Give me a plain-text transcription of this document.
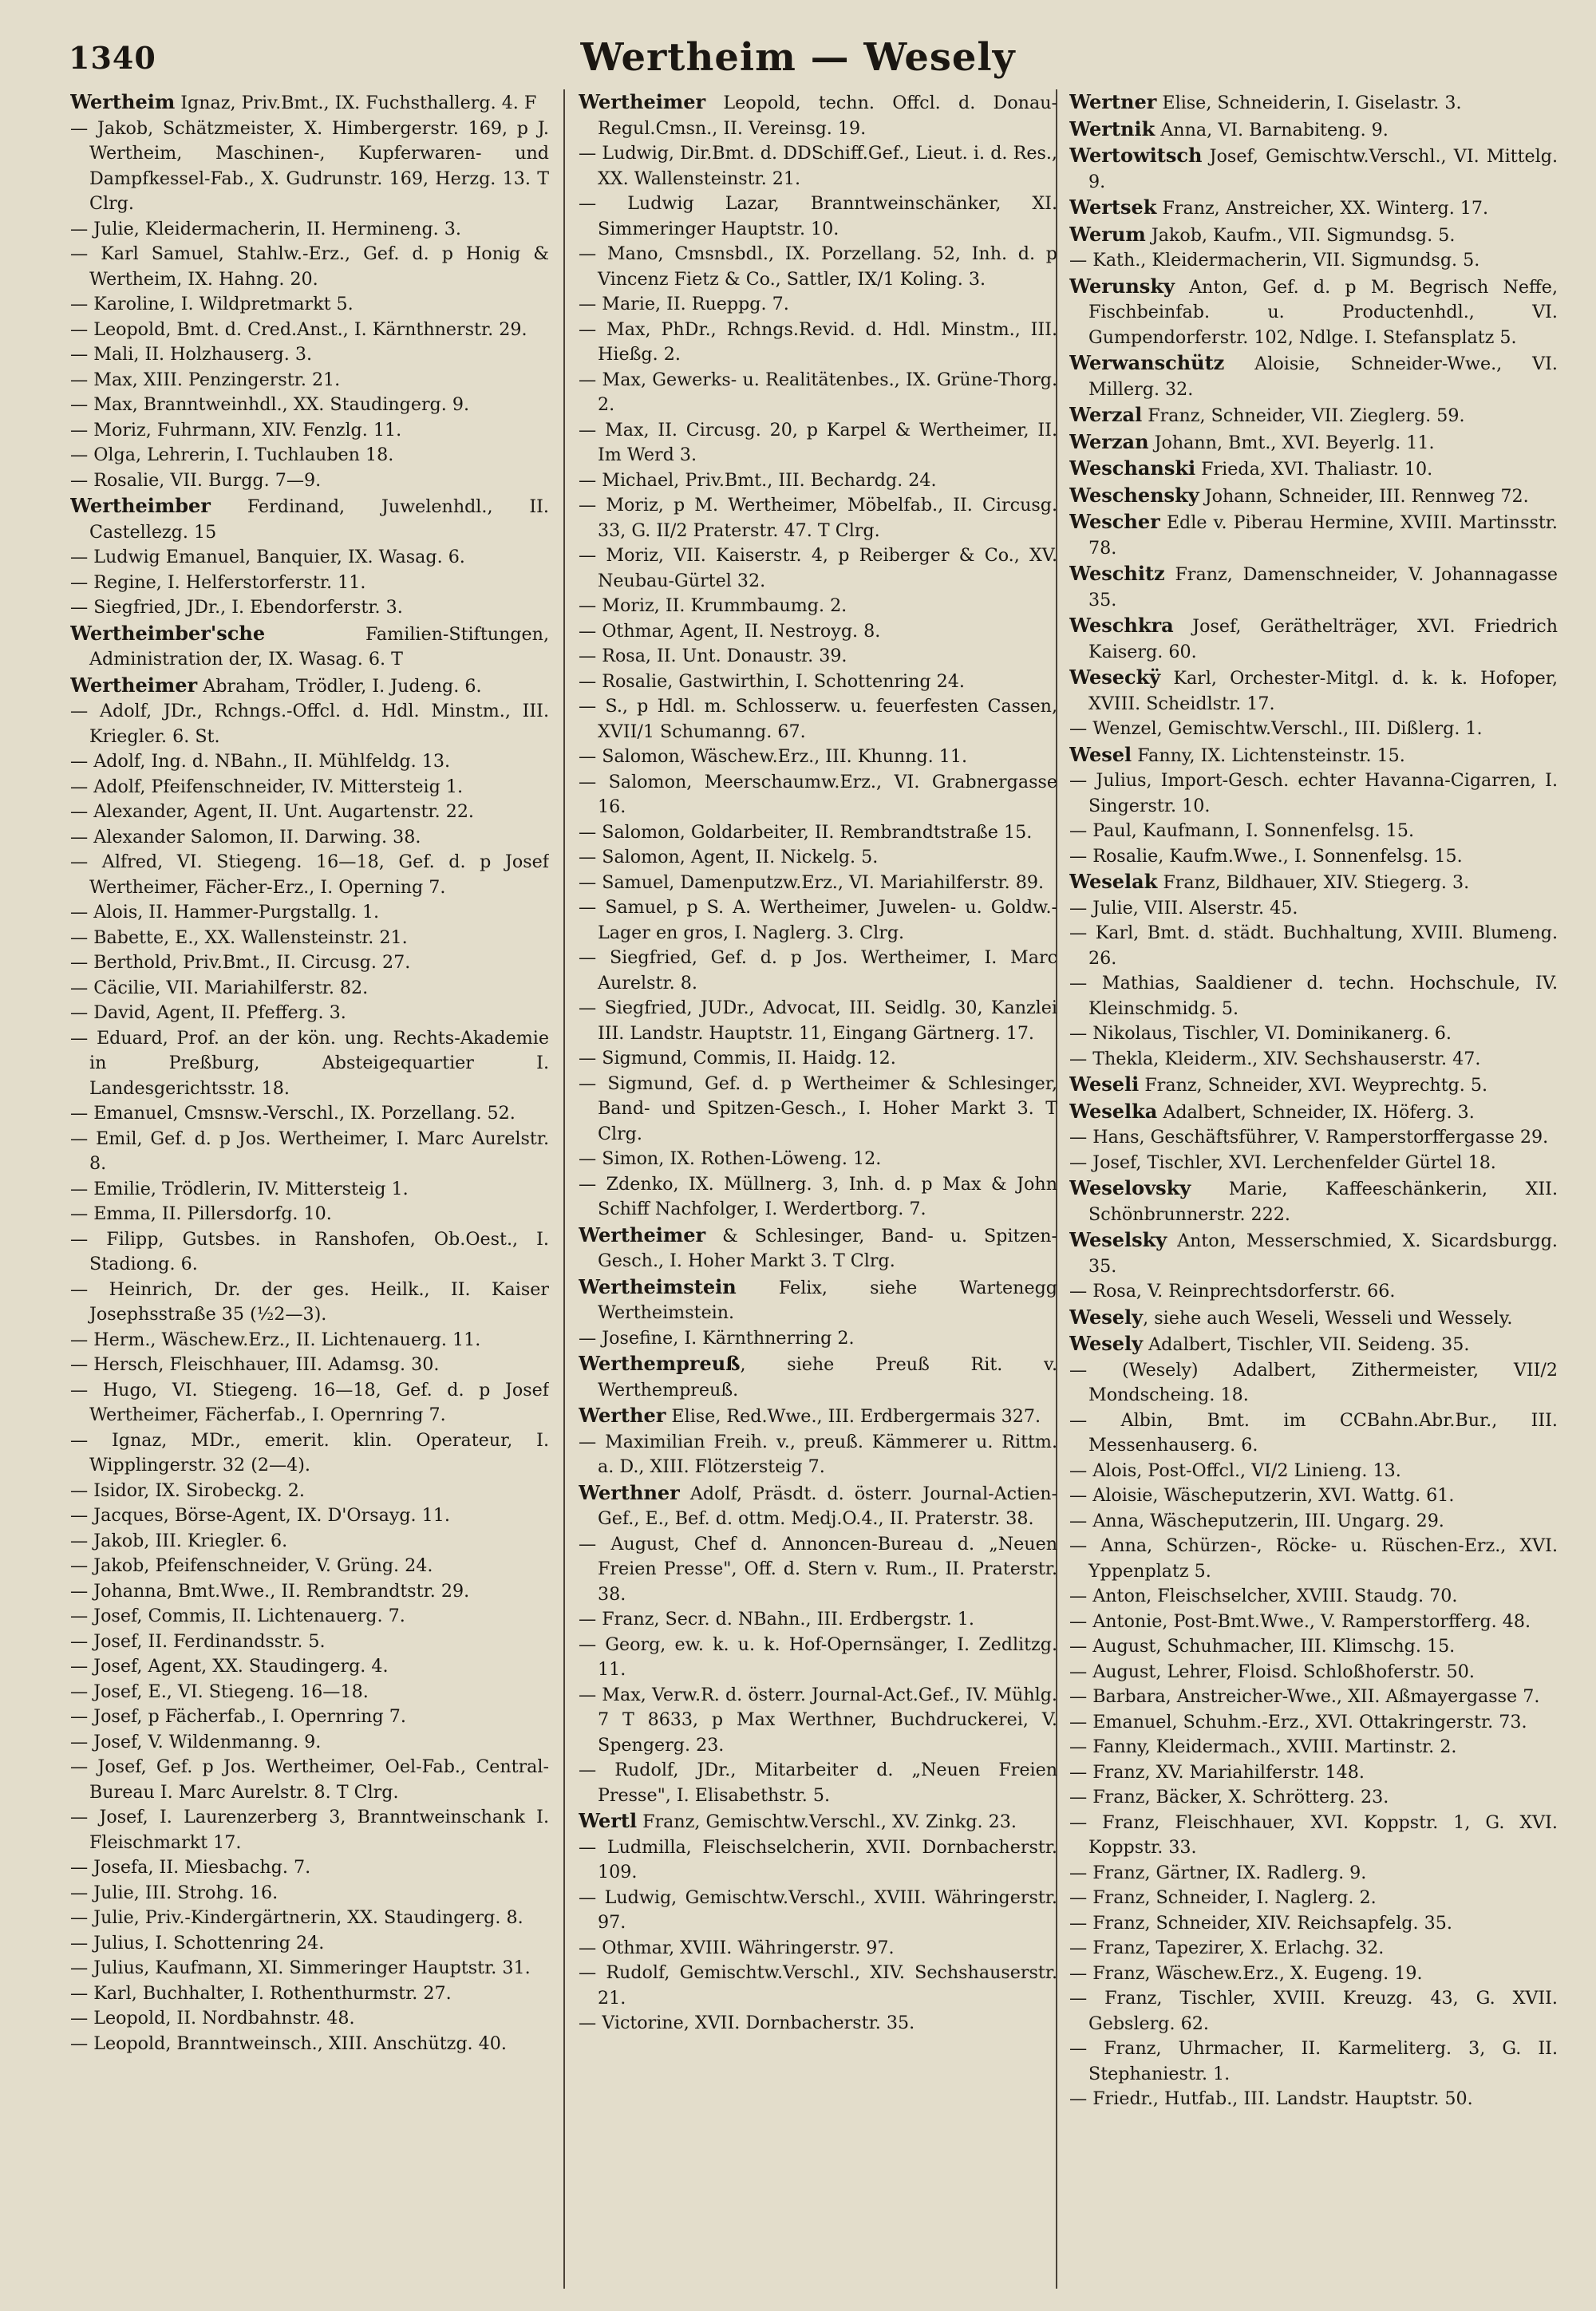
1340	Wertheim — Wesely
Wertheim Ignaz, Priv.Bmt., IX. Fuchsthallerg. 4. F
— Jakob, Schätzmeister, X. Himbergerstr. 169, p J. Wertheim, Maschinen-, Kupferwaren- und Dampfkessel-Fab., X. Gudrunstr. 169, Herzg. 13. T Clrg.
— Julie, Kleidermacherin, II. Hermineng. 3.
— Karl Samuel, Stahlw.-Erz., Gef. d. p Honig & Wertheim, IX. Hahng. 20.
— Karoline, I. Wildpretmarkt 5.
— Leopold, Bmt. d. Cred.Anst., I. Kärnthnerstr. 29.
— Mali, II. Holzhauserg. 3.
— Max, XIII. Penzingerstr. 21.
— Max, Branntweinhdl., XX. Staudingerg. 9.
— Moriz, Fuhrmann, XIV. Fenzlg. 11.
— Olga, Lehrerin, I. Tuchlauben 18.
— Rosalie, VII. Burgg. 7—9.
Wertheimber Ferdinand, Juwelenhdl., II. Castellezg. 15
— Ludwig Emanuel, Banquier, IX. Wasag. 6.
— Regine, I. Helferstorferstr. 11.
— Siegfried, JDr., I. Ebendorferstr. 3.
Wertheimber'sche Familien-Stiftungen, Administration der, IX. Wasag. 6. T
Wertheimer Abraham, Trödler, I. Judeng. 6.
— Adolf, JDr., Rchngs.-Offcl. d. Hdl. Minstm., III. Kriegler. 6. St.
— Adolf, Ing. d. NBahn., II. Mühlfeldg. 13.
— Adolf, Pfeifenschneider, IV. Mittersteig 1.
— Alexander, Agent, II. Unt. Augartenstr. 22.
— Alexander Salomon, II. Darwing. 38.
— Alfred, VI. Stiegeng. 16—18, Gef. d. p Josef Wertheimer, Fächer-Erz., I. Operning 7.
— Alois, II. Hammer-Purgstallg. 1.
— Babette, E., XX. Wallensteinstr. 21.
— Berthold, Priv.Bmt., II. Circusg. 27.
— Cäcilie, VII. Mariahilferstr. 82.
— David, Agent, II. Pfefferg. 3.
— Eduard, Prof. an der kön. ung. Rechts-Akademie in Preßburg, Absteigequartier I. Landesgerichtsstr. 18.
— Emanuel, Cmsnsw.-Verschl., IX. Porzellang. 52.
— Emil, Gef. d. p Jos. Wertheimer, I. Marc Aurelstr. 8.
— Emilie, Trödlerin, IV. Mittersteig 1.
— Emma, II. Pillersdorfg. 10.
— Filipp, Gutsbes. in Ranshofen, Ob.Oest., I. Stadiong. 6.
— Heinrich, Dr. der ges. Heilk., II. Kaiser Josephsstraße 35 (½2—3).
— Herm., Wäschew.Erz., II. Lichtenauerg. 11.
— Hersch, Fleischhauer, III. Adamsg. 30.
— Hugo, VI. Stiegeng. 16—18, Gef. d. p Josef Wertheimer, Fächerfab., I. Opernring 7.
— Ignaz, MDr., emerit. klin. Operateur, I. Wipplingerstr. 32 (2—4).
— Isidor, IX. Sirobeckg. 2.
— Jacques, Börse-Agent, IX. D'Orsayg. 11.
— Jakob, III. Kriegler. 6.
— Jakob, Pfeifenschneider, V. Grüng. 24.
— Johanna, Bmt.Wwe., II. Rembrandtstr. 29.
— Josef, Commis, II. Lichtenauerg. 7.
— Josef, II. Ferdinandsstr. 5.
— Josef, Agent, XX. Staudingerg. 4.
— Josef, E., VI. Stiegeng. 16—18.
— Josef, p Fächerfab., I. Opernring 7.
— Josef, V. Wildenmanng. 9.
— Josef, Gef. p Jos. Wertheimer, Oel-Fab., Central-Bureau I. Marc Aurelstr. 8. T Clrg.
— Josef, I. Laurenzerberg 3, Branntweinschank I. Fleischmarkt 17.
— Josefa, II. Miesbachg. 7.
— Julie, III. Strohg. 16.
— Julie, Priv.-Kindergärtnerin, XX. Staudingerg. 8.
— Julius, I. Schottenring 24.
— Julius, Kaufmann, XI. Simmeringer Hauptstr. 31.
— Karl, Buchhalter, I. Rothenthurmstr. 27.
— Leopold, II. Nordbahnstr. 48.
— Leopold, Branntweinsch., XIII. Anschützg. 40.
Wertheimer Leopold, techn. Offcl. d. Donau-Regul.Cmsn., II. Vereinsg. 19.
— Ludwig, Dir.Bmt. d. DDSchiff.Gef., Lieut. i. d. Res., XX. Wallensteinstr. 21.
— Ludwig Lazar, Branntweinschänker, XI. Simmeringer Hauptstr. 10.
— Mano, Cmsnsbdl., IX. Porzellang. 52, Inh. d. p Vincenz Fietz & Co., Sattler, IX/1 Koling. 3.
— Marie, II. Rueppg. 7.
— Max, PhDr., Rchngs.Revid. d. Hdl. Minstm., III. Hießg. 2.
— Max, Gewerks- u. Realitätenbes., IX. Grüne-Thorg. 2.
— Max, II. Circusg. 20, p Karpel & Wertheimer, II. Im Werd 3.
— Michael, Priv.Bmt., III. Bechardg. 24.
— Moriz, p M. Wertheimer, Möbelfab., II. Circusg. 33, G. II/2 Praterstr. 47. T Clrg.
— Moriz, VII. Kaiserstr. 4, p Reiberger & Co., XV. Neubau-Gürtel 32.
— Moriz, II. Krummbaumg. 2.
— Othmar, Agent, II. Nestroyg. 8.
— Rosa, II. Unt. Donaustr. 39.
— Rosalie, Gastwirthin, I. Schottenring 24.
— S., p Hdl. m. Schlosserw. u. feuerfesten Cassen, XVII/1 Schumanng. 67.
— Salomon, Wäschew.Erz., III. Khunng. 11.
— Salomon, Meerschaumw.Erz., VI. Grabnergasse 16.
— Salomon, Goldarbeiter, II. Rembrandtstraße 15.
— Salomon, Agent, II. Nickelg. 5.
— Samuel, Damenputzw.Erz., VI. Mariahilferstr. 89.
— Samuel, p S. A. Wertheimer, Juwelen- u. Goldw.-Lager en gros, I. Naglerg. 3. Clrg.
— Siegfried, Gef. d. p Jos. Wertheimer, I. Marc Aurelstr. 8.
— Siegfried, JUDr., Advocat, III. Seidlg. 30, Kanzlei III. Landstr. Hauptstr. 11, Eingang Gärtnerg. 17.
— Sigmund, Commis, II. Haidg. 12.
— Sigmund, Gef. d. p Wertheimer & Schlesinger, Band- und Spitzen-Gesch., I. Hoher Markt 3. T Clrg.
— Simon, IX. Rothen-Löweng. 12.
— Zdenko, IX. Müllnerg. 3, Inh. d. p Max & John Schiff Nachfolger, I. Werdertborg. 7.
Wertheimer & Schlesinger, Band- u. Spitzen-Gesch., I. Hoher Markt 3. T Clrg.
Wertheimstein Felix, siehe Wartenegg Wertheimstein.
— Josefine, I. Kärnthnerring 2.
Werthempreuß, siehe Preuß Rit. v. Werthempreuß.
Werther Elise, Red.Wwe., III. Erdbergermais 327.
— Maximilian Freih. v., preuß. Kämmerer u. Rittm. a. D., XIII. Flötzersteig 7.
Werthner Adolf, Präsdt. d. österr. Journal-Actien-Gef., E., Bef. d. ottm. Medj.O.4., II. Praterstr. 38.
— August, Chef d. Annoncen-Bureau d. „Neuen Freien Presse", Off. d. Stern v. Rum., II. Praterstr. 38.
— Franz, Secr. d. NBahn., III. Erdbergstr. 1.
— Georg, ew. k. u. k. Hof-Opernsänger, I. Zedlitzg. 11.
— Max, Verw.R. d. österr. Journal-Act.Gef., IV. Mühlg. 7 T 8633, p Max Werthner, Buchdruckerei, V. Spengerg. 23.
— Rudolf, JDr., Mitarbeiter d. „Neuen Freien Presse", I. Elisabethstr. 5.
Wertl Franz, Gemischtw.Verschl., XV. Zinkg. 23.
— Ludmilla, Fleischselcherin, XVII. Dornbacherstr. 109.
— Ludwig, Gemischtw.Verschl., XVIII. Währingerstr. 97.
— Othmar, XVIII. Währingerstr. 97.
— Rudolf, Gemischtw.Verschl., XIV. Sechshauserstr. 21.
— Victorine, XVII. Dornbacherstr. 35.
Wertner Elise, Schneiderin, I. Giselastr. 3.
Wertnik Anna, VI. Barnabiteng. 9.
Wertowitsch Josef, Gemischtw.Verschl., VI. Mittelg. 9.
Wertsek Franz, Anstreicher, XX. Winterg. 17.
Werum Jakob, Kaufm., VII. Sigmundsg. 5.
— Kath., Kleidermacherin, VII. Sigmundsg. 5.
Werunsky Anton, Gef. d. p M. Begrisch Neffe, Fischbeinfab. u. Productenhdl., VI. Gumpendorferstr. 102, Ndlge. I. Stefansplatz 5.
Werwanschütz Aloisie, Schneider-Wwe., VI. Millerg. 32.
Werzal Franz, Schneider, VII. Zieglerg. 59.
Werzan Johann, Bmt., XVI. Beyerlg. 11.
Weschanski Frieda, XVI. Thaliastr. 10.
Weschensky Johann, Schneider, III. Rennweg 72.
Wescher Edle v. Piberau Hermine, XVIII. Martinsstr. 78.
Weschitz Franz, Damenschneider, V. Johannagasse 35.
Weschkra Josef, Geräthelträger, XVI. Friedrich Kaiserg. 60.
Weseckÿ Karl, Orchester-Mitgl. d. k. k. Hofoper, XVIII. Scheidlstr. 17.
— Wenzel, Gemischtw.Verschl., III. Dißlerg. 1.
Wesel Fanny, IX. Lichtensteinstr. 15.
— Julius, Import-Gesch. echter Havanna-Cigarren, I. Singerstr. 10.
— Paul, Kaufmann, I. Sonnenfelsg. 15.
— Rosalie, Kaufm.Wwe., I. Sonnenfelsg. 15.
Weselak Franz, Bildhauer, XIV. Stiegerg. 3.
— Julie, VIII. Alserstr. 45.
— Karl, Bmt. d. städt. Buchhaltung, XVIII. Blumeng. 26.
— Mathias, Saaldiener d. techn. Hochschule, IV. Kleinschmidg. 5.
— Nikolaus, Tischler, VI. Dominikanerg. 6.
— Thekla, Kleiderm., XIV. Sechshauserstr. 47.
Weseli Franz, Schneider, XVI. Weyprechtg. 5.
Weselka Adalbert, Schneider, IX. Höferg. 3.
— Hans, Geschäftsführer, V. Ramperstorffergasse 29.
— Josef, Tischler, XVI. Lerchenfelder Gürtel 18.
Weselovsky Marie, Kaffeeschänkerin, XII. Schönbrunnerstr. 222.
Weselsky Anton, Messerschmied, X. Sicardsburgg. 35.
— Rosa, V. Reinprechtsdorferstr. 66.
Wesely, siehe auch Weseli, Wesseli und Wessely.
Wesely Adalbert, Tischler, VII. Seideng. 35.
— (Wesely) Adalbert, Zithermeister, VII/2 Mondscheing. 18.
— Albin, Bmt. im CCBahn.Abr.Bur., III. Messenhauserg. 6.
— Alois, Post-Offcl., VI/2 Linieng. 13.
— Aloisie, Wäscheputzerin, XVI. Wattg. 61.
— Anna, Wäscheputzerin, III. Ungarg. 29.
— Anna, Schürzen-, Röcke- u. Rüschen-Erz., XVI. Yppenplatz 5.
— Anton, Fleischselcher, XVIII. Staudg. 70.
— Antonie, Post-Bmt.Wwe., V. Ramperstorfferg. 48.
— August, Schuhmacher, III. Klimschg. 15.
— August, Lehrer, Floisd. Schloßhoferstr. 50.
— Barbara, Anstreicher-Wwe., XII. Aßmayergasse 7.
— Emanuel, Schuhm.-Erz., XVI. Ottakringerstr. 73.
— Fanny, Kleidermach., XVIII. Martinstr. 2.
— Franz, XV. Mariahilferstr. 148.
— Franz, Bäcker, X. Schrötterg. 23.
— Franz, Fleischhauer, XVI. Koppstr. 1, G. XVI. Koppstr. 33.
— Franz, Gärtner, IX. Radlerg. 9.
— Franz, Schneider, I. Naglerg. 2.
— Franz, Schneider, XIV. Reichsapfelg. 35.
— Franz, Tapezirer, X. Erlachg. 32.
— Franz, Wäschew.Erz., X. Eugeng. 19.
— Franz, Tischler, XVIII. Kreuzg. 43, G. XVII. Gebslerg. 62.
— Franz, Uhrmacher, II. Karmeliterg. 3, G. II. Stephaniestr. 1.
— Friedr., Hutfab., III. Landstr. Hauptstr. 50.
